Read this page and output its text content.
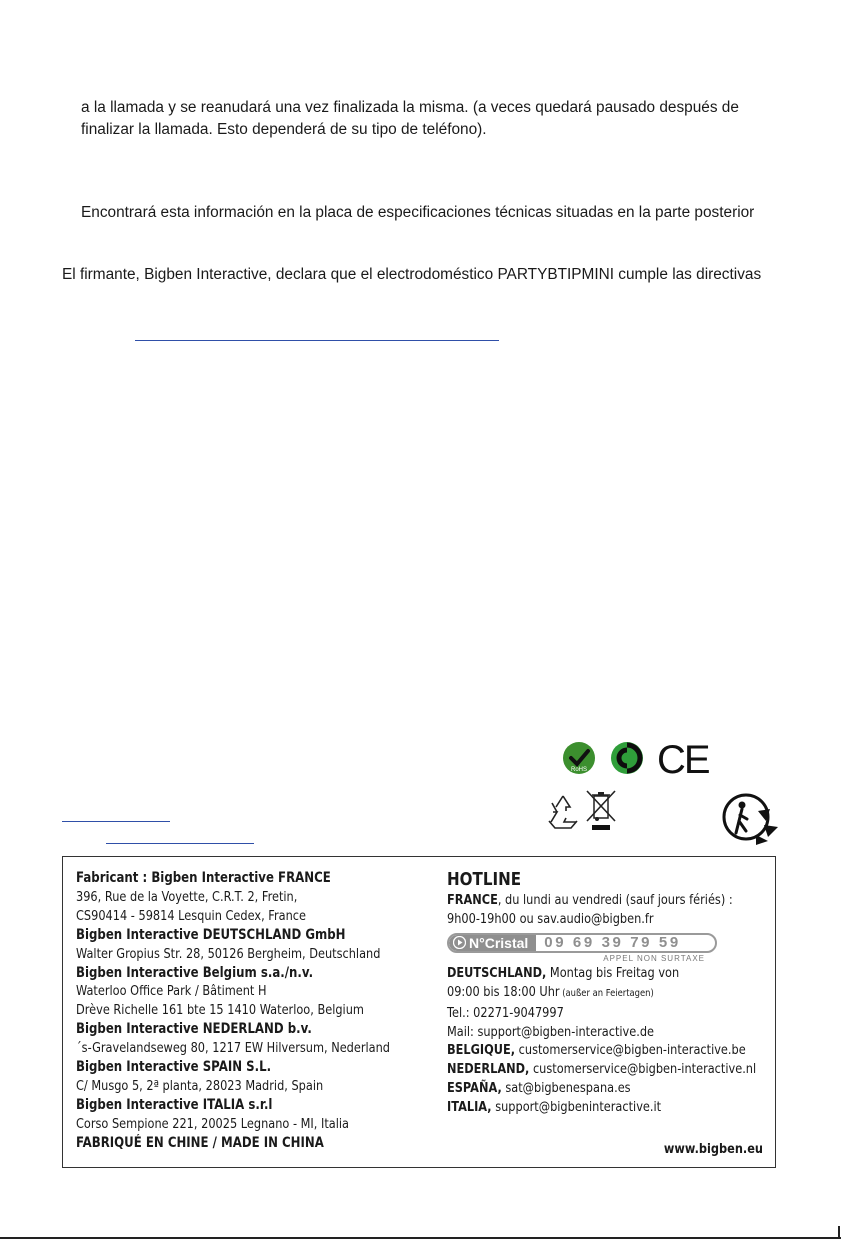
a la llamada y se reanudará una vez finalizada la misma. (a veces quedará pausado después de
finalizar la llamada. Esto dependerá de su tipo de teléfono).
Encontrará esta información en la placa de especificaciones técnicas situadas en la parte posterior
El firmante, Bigben Interactive, declara que el electrodoméstico PARTYBTIPMINI cumple las directivas
RoHS CE
Fabricant : Bigben Interactive FRANCE
396, Rue de la Voyette, C.R.T. 2, Fretin,
CS90414 - 59814 Lesquin Cedex, France
Bigben Interactive DEUTSCHLAND GmbH
Walter Gropius Str. 28, 50126 Bergheim, Deutschland
Bigben Interactive Belgium s.a./n.v.
Waterloo Office Park / Bâtiment H
Drève Richelle 161 bte 15 1410 Waterloo, Belgium
Bigben Interactive NEDERLAND b.v.
´s-Gravelandseweg 80, 1217 EW Hilversum, Nederland
Bigben Interactive SPAIN S.L.
C/ Musgo 5, 2ª planta, 28023 Madrid, Spain
Bigben Interactive ITALIA s.r.l
Corso Sempione 221, 20025 Legnano - MI, Italia
FABRIQUÉ EN CHINE / MADE IN CHINA
HOTLINE
FRANCE, du lundi au vendredi (sauf jours fériés) :
9h00-19h00 ou sav.audio@bigben.fr
N°Cristal	09 69 39 79 59
APPEL NON SURTAXE
DEUTSCHLAND, Montag bis Freitag von
09:00 bis 18:00 Uhr (außer an Feiertagen)
Tel.: 02271-9047997
Mail: support@bigben-interactive.de
BELGIQUE, customerservice@bigben-interactive.be
NEDERLAND, customerservice@bigben-interactive.nl
ESPAÑA, sat@bigbenespana.es
ITALIA, support@bigbeninteractive.it
www.bigben.eu
